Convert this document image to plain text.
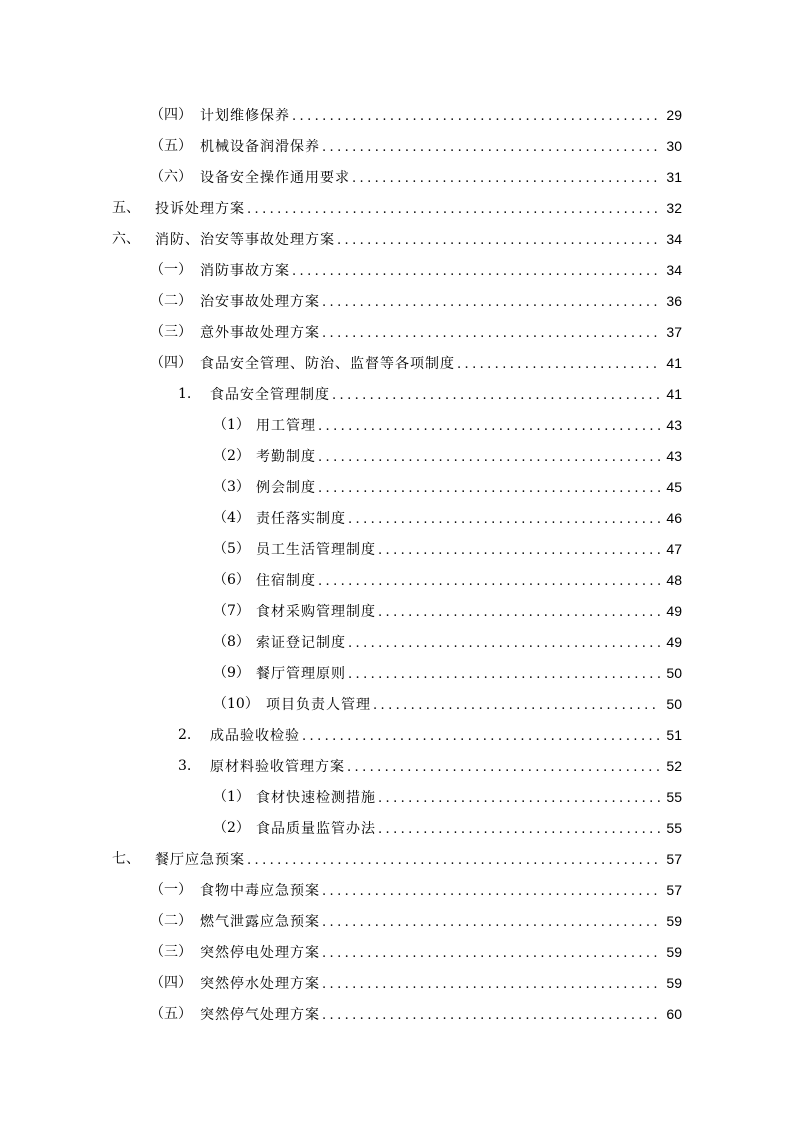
（四） 计划维修保养 .....	29
（五） 机械设备润滑保养 .....	30
（六） 设备安全操作通用要求 .....	31
五、 投诉处理方案 .....	32
六、 消防、治安等事故处理方案 .....	34
（一） 消防事故方案 .....	34
（二） 治安事故处理方案 .....	36
（三） 意外事故处理方案 .....	37
（四） 食品安全管理、防治、监督等各项制度 .....	41
1. 食品安全管理制度 .....	41
（1） 用工管理 .....	43
（2） 考勤制度 .....	43
（3） 例会制度 .....	45
（4） 责任落实制度 .....	46
（5） 员工生活管理制度 .....	47
（6） 住宿制度 .....	48
（7） 食材采购管理制度 .....	49
（8） 索证登记制度 .....	49
（9） 餐厅管理原则 .....	50
（10） 项目负责人管理 .....	50
2. 成品验收检验 .....	51
3. 原材料验收管理方案 .....	52
（1） 食材快速检测措施 .....	55
（2） 食品质量监管办法 .....	55
七、 餐厅应急预案 .....	57
（一） 食物中毒应急预案 .....	57
（二） 燃气泄露应急预案 .....	59
（三） 突然停电处理方案 .....	59
（四） 突然停水处理方案 .....	59
（五） 突然停气处理方案 .....	60
